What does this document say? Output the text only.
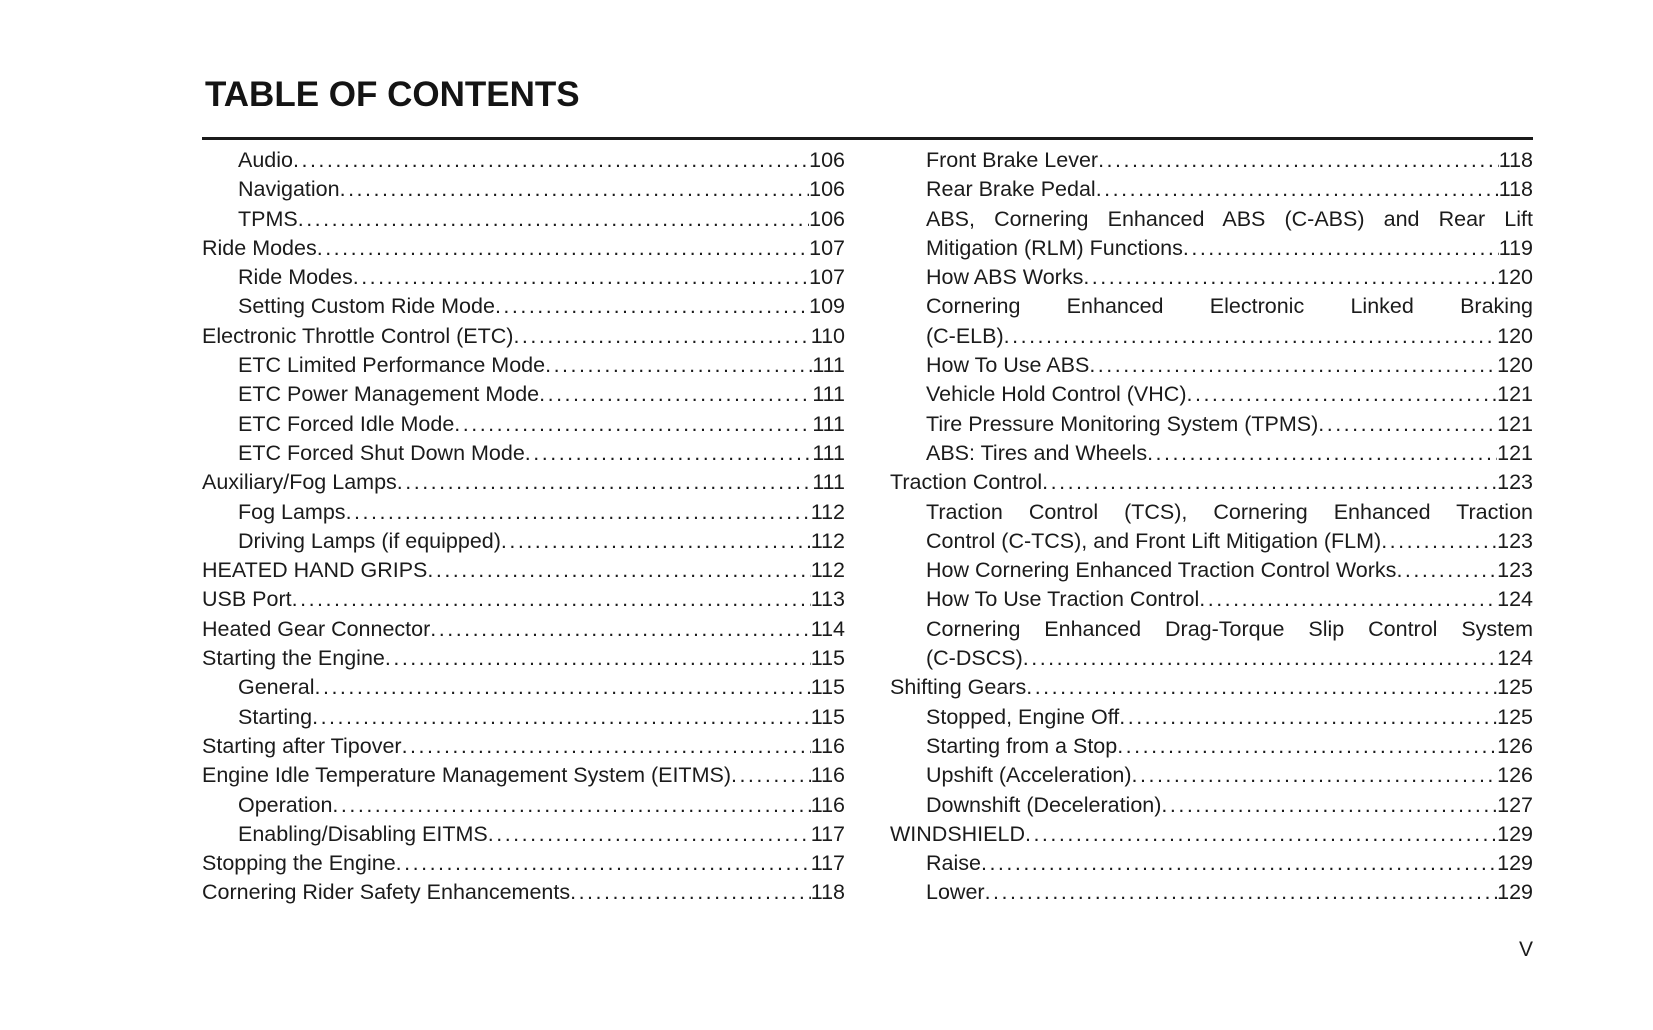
TABLE OF CONTENTS
Audio .....	106
Navigation .....	106
TPMS .....	106
Ride Modes .....	107
Ride Modes .....	107
Setting Custom Ride Mode .....	109
Electronic Throttle Control (ETC) .....	110
ETC Limited Performance Mode .....	111
ETC Power Management Mode .....	111
ETC Forced Idle Mode .....	111
ETC Forced Shut Down Mode .....	111
Auxiliary/Fog Lamps .....	111
Fog Lamps .....	112
Driving Lamps (if equipped) .....	112
HEATED HAND GRIPS .....	112
USB Port .....	113
Heated Gear Connector .....	114
Starting the Engine .....	115
General .....	115
Starting .....	115
Starting after Tipover .....	116
Engine Idle Temperature Management System (EITMS) .....	116
Operation .....	116
Enabling/Disabling EITMS .....	117
Stopping the Engine .....	117
Cornering Rider Safety Enhancements .....	118
Front Brake Lever .....	118
Rear Brake Pedal .....	118
ABS, Cornering Enhanced ABS (C-ABS) and Rear Lift
Mitigation (RLM) Functions .....	119
How ABS Works .....	120
Cornering Enhanced Electronic Linked Braking
(C-ELB) .....	120
How To Use ABS .....	120
Vehicle Hold Control (VHC) .....	121
Tire Pressure Monitoring System (TPMS) .....	121
ABS: Tires and Wheels .....	121
Traction Control .....	123
Traction Control (TCS), Cornering Enhanced Traction
Control (C-TCS), and Front Lift Mitigation (FLM) .....	123
How Cornering Enhanced Traction Control Works .....	123
How To Use Traction Control .....	124
Cornering Enhanced Drag-Torque Slip Control System
(C-DSCS) .....	124
Shifting Gears .....	125
Stopped, Engine Off .....	125
Starting from a Stop .....	126
Upshift (Acceleration) .....	126
Downshift (Deceleration) .....	127
WINDSHIELD .....	129
Raise .....	129
Lower .....	129
V
